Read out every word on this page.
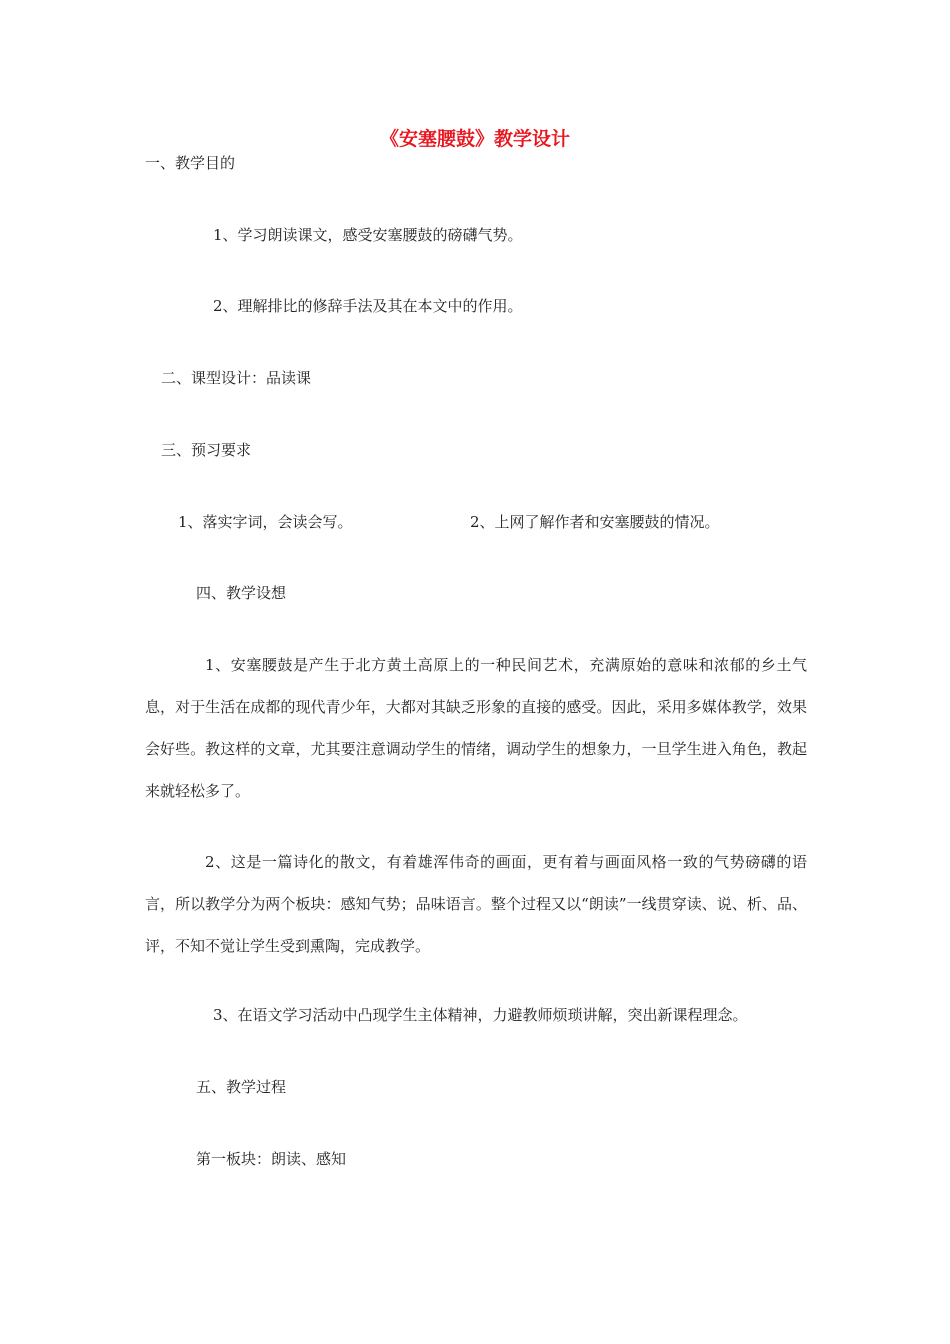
《安塞腰鼓》教学设计
一、教学目的
1、学习朗读课文，感受安塞腰鼓的磅礴气势。
2、理解排比的修辞手法及其在本文中的作用。
二、课型设计：品读课
三、预习要求
1、落实字词，会读会写。	2、上网了解作者和安塞腰鼓的情况。
四、教学设想
1、安塞腰鼓是产生于北方黄土高原上的一种民间艺术，充满原始的意味和浓郁的乡土气息，对于生活在成都的现代青少年，大都对其缺乏形象的直接的感受。因此，采用多媒体教学，效果会好些。教这样的文章，尤其要注意调动学生的情绪，调动学生的想象力，一旦学生进入角色，教起来就轻松多了。
2、这是一篇诗化的散文，有着雄浑伟奇的画面，更有着与画面风格一致的气势磅礴的语言，所以教学分为两个板块：感知气势；品味语言。整个过程又以“朗读”一线贯穿读、说、析、品、评，不知不觉让学生受到熏陶，完成教学。
3、在语文学习活动中凸现学生主体精神，力避教师烦琐讲解，突出新课程理念。
五、教学过程
第一板块：朗读、感知
